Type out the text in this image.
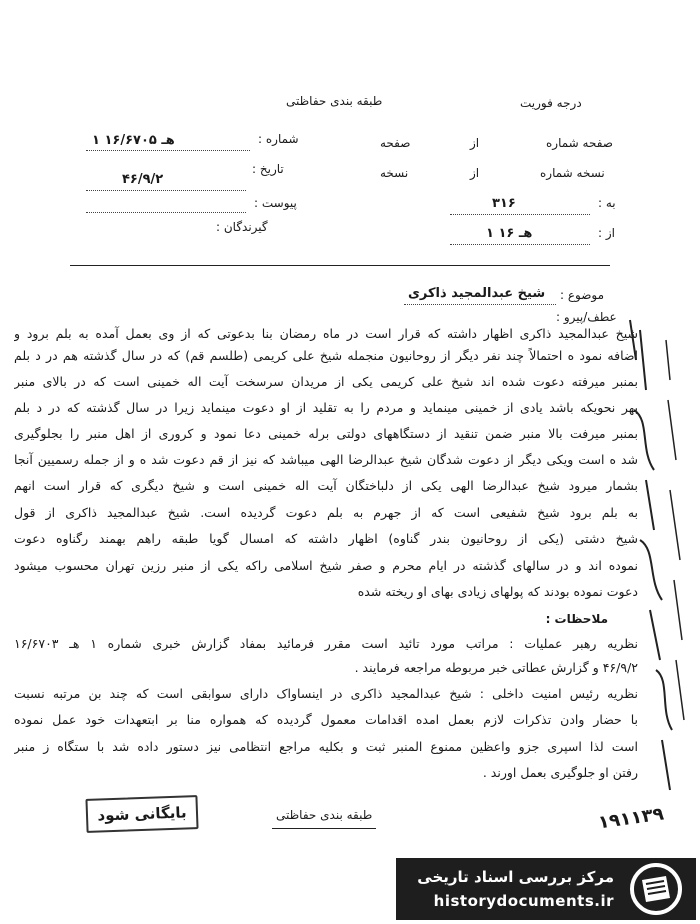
درجه فوریت
طبقه بندی حفاظتی
صفحه شماره
از
صفحه
نسخه شماره
از
نسخه
به :
۳۱۶
از :
۱ هـ ۱۶
شماره :
۱ هـ ۱۶/۶۷۰۵
تاریخ :
۴۶/۹/۲
پیوست :
گیرندگان :
موضوع :
شیخ عبدالمجید ذاکری
عطف/پیرو :
شیخ عبدالمجید ذاکری اظهار داشته که قرار است در ماه رمضان بنا بدعوتی که از وی بعمل آمده به بلم برود و
اضافه نمود ه احتمالاً چند نفر دیگر از روحانیون منجمله شیخ علی کریمی (طلسم قم) که در سال گذشته هم در د بلم
بمنبر میرفته دعوت شده اند شیخ علی کریمی یکی از مریدان سرسخت آیت اله خمینی است که در بالای منبر
بهر نحویکه باشد یادی از خمینی مینماید و مردم را به تقلید از او دعوت مینماید زیرا در سال گذشته که در د بلم
بمنبر میرفت بالا منبر ضمن تنقید از دستگاههای دولتی برله خمینی دعا نمود و کروری از اهل منبر را بجلوگیری
شد ه است ویکی دیگر از دعوت شدگان شیخ عبدالرضا الهی میباشد که نیز از قم دعوت شد ه و از جمله رسمیین آنجا
بشمار میرود شیخ عبدالرضا الهی یکی از دلباختگان آیت اله خمینی است و شیخ دیگری که قرار است انهم
به بلم برود شیخ شفیعی است که از جهرم به بلم دعوت گردیده است. شیخ عبدالمجید ذاکری از قول
شیخ دشتی (یکی از روحانیون بندر گناوه) اظهار داشته که امسال گویا طبقه راهم بهمند رگناوه دعوت
نموده اند و در سالهای گذشته در ایام محرم و صفر شیخ اسلامی راکه یکی از منبر رزین تهران محسوب میشود
دعوت نموده بودند که پولهای زیادی بهای او ریخته شده
ملاحظات :
نظریه رهبر عملیات : مراتب مورد تائید است مقرر فرمائید بمفاد گزارش خبری شماره ۱ هـ ۱۶/۶۷۰۳
۴۶/۹/۲ و گزارش عطاتی خبر مربوطه مراجعه فرمایند .
نظریه رئیس امنیت داخلی : شیخ عبدالمجید ذاکری در اینساواک دارای سوابقی است که چند بن مرتبه نسبت
با حضار وادن تذکرات لازم بعمل امده اقدامات معمول گردیده که همواره منا بر ابتعهدات خود عمل نموده
است لذا اسپری جزو واعظین ممنوع المنبر ثبت و بکلیه مراجع انتظامی نیز دستور داده شد با ستگاه ز منبر
رفتن او جلوگیری بعمل اورند .
بایگانی شود	طبقه بندی حفاظتی	۱۹۱۱۳۹
مرکز بررسی اسناد تاریخی
historydocuments.ir
